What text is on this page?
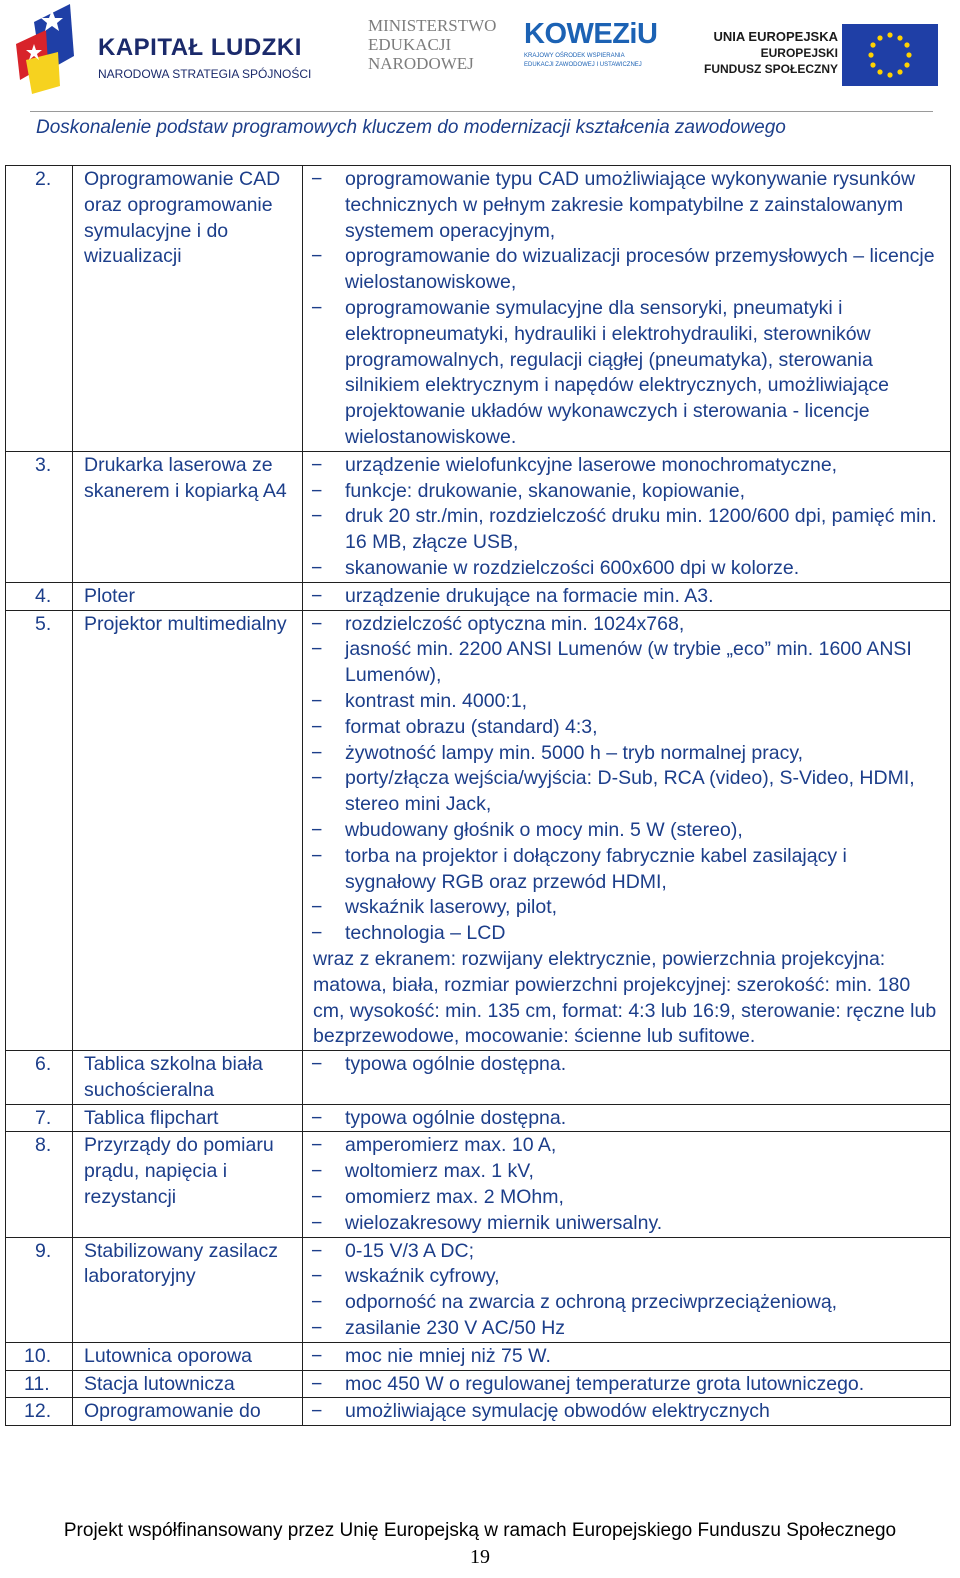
KAPITAŁ LUDZKI
NARODOWA STRATEGIA SPÓJNOŚCI
MINISTERSTWO
EDUKACJI
NARODOWEJ
KOWEZiU
KRAJOWY OŚRODEK WSPIERANIA
EDUKACJI ZAWODOWEJ I USTAWICZNEJ
UNIA EUROPEJSKA
EUROPEJSKI
FUNDUSZ SPOŁECZNY
Doskonalenie podstaw programowych kluczem do modernizacji kształcenia zawodowego
2.	Oprogramowanie CAD oraz oprogramowanie symulacyjne i do wizualizacji
−	oprogramowanie typu CAD umożliwiające wykonywanie rysunków technicznych w pełnym zakresie kompatybilne z zainstalowanym systemem operacyjnym,
−	oprogramowanie do wizualizacji procesów przemysłowych – licencje wielostanowiskowe,
−	oprogramowanie symulacyjne dla sensoryki, pneumatyki i elektropneumatyki, hydrauliki i elektrohydrauliki, sterowników programowalnych, regulacji ciągłej (pneumatyka), sterowania silnikiem elektrycznym i napędów elektrycznych, umożliwiające projektowanie układów wykonawczych i sterowania - licencje wielostanowiskowe.
3.	Drukarka laserowa ze skanerem i kopiarką A4
−	urządzenie wielofunkcyjne laserowe monochromatyczne,
−	funkcje: drukowanie, skanowanie, kopiowanie,
−	druk 20 str./min, rozdzielczość druku min. 1200/600 dpi, pamięć min. 16 MB, złącze USB,
−	skanowanie w rozdzielczości 600x600 dpi w kolorze.
4.	Ploter	−	urządzenie drukujące na formacie min. A3.
5.	Projektor multimedialny	−	rozdzielczość optyczna min. 1024x768,
−	jasność min. 2200 ANSI Lumenów (w trybie „eco” min. 1600 ANSI Lumenów),
−	kontrast min. 4000:1,
−	format obrazu (standard) 4:3,
−	żywotność lampy min. 5000 h – tryb normalnej pracy,
−	porty/złącza wejścia/wyjścia: D-Sub, RCA (video), S-Video, HDMI, stereo mini Jack,
−	wbudowany głośnik o mocy min. 5 W (stereo),
−	torba na projektor i dołączony fabrycznie kabel zasilający i sygnałowy RGB oraz przewód HDMI,
−	wskaźnik laserowy, pilot,
−	technologia – LCD
wraz z ekranem: rozwijany elektrycznie, powierzchnia projekcyjna: matowa, biała, rozmiar powierzchni projekcyjnej: szerokość: min. 180 cm, wysokość: min. 135 cm, format: 4:3 lub 16:9, sterowanie: ręczne lub bezprzewodowe, mocowanie: ścienne lub sufitowe.
6.	Tablica szkolna biała suchościeralna
−	typowa ogólnie dostępna.
7.	Tablica flipchart	−	typowa ogólnie dostępna.
8.	Przyrządy do pomiaru prądu, napięcia i rezystancji
−	amperomierz max. 10 A,
−	woltomierz max. 1 kV,
−	omomierz max. 2 MOhm,
−	wielozakresowy miernik uniwersalny.
9.	Stabilizowany zasilacz laboratoryjny
−	0-15 V/3 A DC;
−	wskaźnik cyfrowy,
−	odporność na zwarcia z ochroną przeciwprzeciążeniową,
−	zasilanie 230 V AC/50 Hz
10.	Lutownica oporowa	−	moc nie mniej niż 75 W.
11.	Stacja lutownicza	−	moc 450 W o regulowanej temperaturze grota lutowniczego.
12.	Oprogramowanie do	−	umożliwiające symulację obwodów elektrycznych
Projekt współfinansowany przez Unię Europejską w ramach Europejskiego Funduszu Społecznego
19
